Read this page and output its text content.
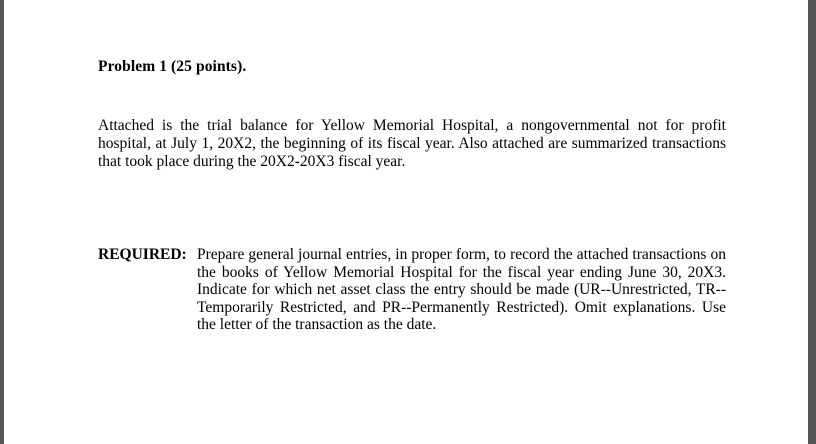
Problem 1 (25 points).
Attached is the trial balance for Yellow Memorial Hospital, a nongovernmental not for profit
hospital, at July 1, 20X2, the beginning of its fiscal year. Also attached are summarized transactions
that took place during the 20X2-20X3 fiscal year.
REQUIRED: Prepare general journal entries, in proper form, to record the attached transactions on
the books of Yellow Memorial Hospital for the fiscal year ending June 30, 20X3.
Indicate for which net asset class the entry should be made (UR--Unrestricted, TR--
Temporarily Restricted, and PR--Permanently Restricted). Omit explanations. Use
the letter of the transaction as the date.
